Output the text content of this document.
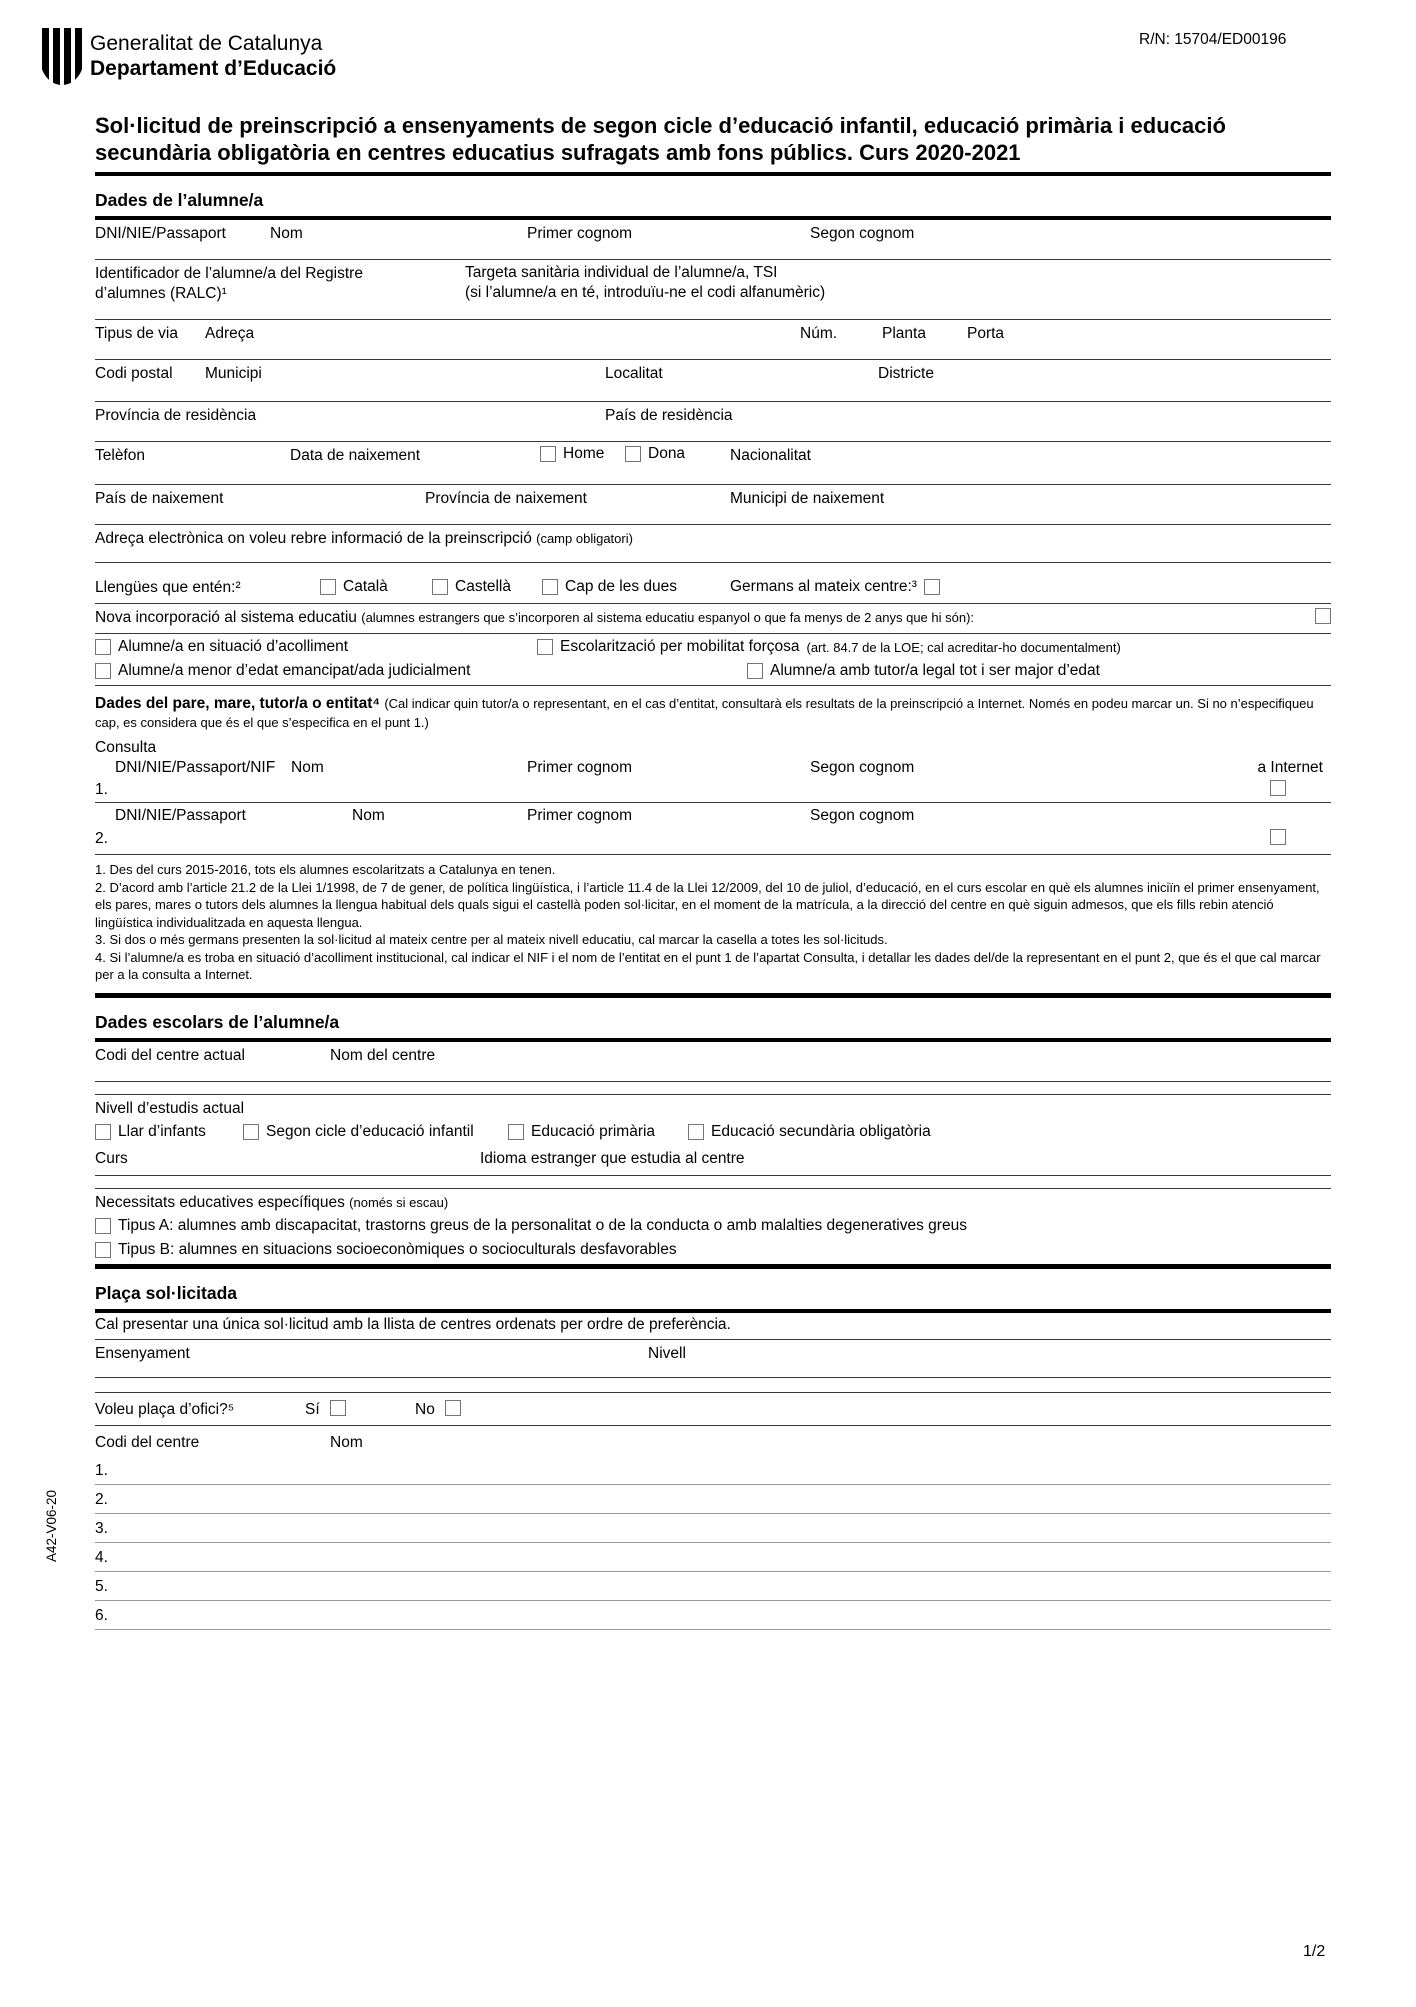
Generalitat de Catalunya
Departament d’Educació
R/N: 15704/ED00196
Sol·licitud de preinscripció a ensenyaments de segon cicle d’educació infantil, educació primària i educació secundària obligatòria en centres educatius sufragats amb fons públics. Curs 2020-2021
Dades de l’alumne/a
DNI/NIE/Passaport	Nom	Primer cognom	Segon cognom
Identificador de l’alumne/a del Registre d’alumnes (RALC)¹
Targeta sanitària individual de l’alumne/a, TSI
(si l’alumne/a en té, introduïu-ne el codi alfanumèric)
Tipus de via Adreça	Núm.	Planta	Porta
Codi postal Municipi	Localitat	Districte
Província de residència	País de residència
Telèfon	Data de naixement	Home	Dona	Nacionalitat
País de naixement	Província de naixement	Municipi de naixement
Adreça electrònica on voleu rebre informació de la preinscripció (camp obligatori)
Llengües que entén:²	Català	Castellà	Cap de les dues	Germans al mateix centre:³
Nova incorporació al sistema educatiu (alumnes estrangers que s’incorporen al sistema educatiu espanyol o que fa menys de 2 anys que hi són):
Alumne/a en situació d’acolliment	Escolarització per mobilitat forçosa (art. 84.7 de la LOE; cal acreditar-ho documentalment)
Alumne/a menor d’edat emancipat/ada judicialment	Alumne/a amb tutor/a legal tot i ser major d’edat
Dades del pare, mare, tutor/a o entitat⁴ (Cal indicar quin tutor/a o representant, en el cas d’entitat, consultarà els resultats de la preinscripció a Internet. Només en podeu marcar un. Si no n’especifiqueu cap, es considera que és el que s’especifica en el punt 1.)
Consulta
DNI/NIE/Passaport/NIF Nom	Primer cognom	Segon cognom	a Internet
1.
DNI/NIE/Passaport	Nom	Primer cognom	Segon cognom
2.
1. Des del curs 2015-2016, tots els alumnes escolaritzats a Catalunya en tenen.
2. D’acord amb l’article 21.2 de la Llei 1/1998, de 7 de gener, de política lingüística, i l’article 11.4 de la Llei 12/2009, del 10 de juliol, d’educació, en el curs escolar en què els alumnes iniciïn el primer ensenyament, els pares, mares o tutors dels alumnes la llengua habitual dels quals sigui el castellà poden sol·licitar, en el moment de la matrícula, a la direcció del centre en què siguin admesos, que els fills rebin atenció lingüística individualitzada en aquesta llengua.
3. Si dos o més germans presenten la sol·licitud al mateix centre per al mateix nivell educatiu, cal marcar la casella a totes les sol·licituds.
4. Si l’alumne/a es troba en situació d’acolliment institucional, cal indicar el NIF i el nom de l’entitat en el punt 1 de l’apartat Consulta, i detallar les dades del/de la representant en el punt 2, que és el que cal marcar per a la consulta a Internet.
Dades escolars de l’alumne/a
Codi del centre actual	Nom del centre
Nivell d’estudis actual
Llar d’infants	Segon cicle d’educació infantil	Educació primària	Educació secundària obligatòria
Curs	Idioma estranger que estudia al centre
Necessitats educatives específiques (només si escau)
Tipus A: alumnes amb discapacitat, trastorns greus de la personalitat o de la conducta o amb malalties degeneratives greus
Tipus B: alumnes en situacions socioeconòmiques o socioculturals desfavorables
Plaça sol·licitada
Cal presentar una única sol·licitud amb la llista de centres ordenats per ordre de preferència.
Ensenyament	Nivell
Voleu plaça d’ofici?⁵	Sí	No
Codi del centre	Nom
1.
2.
3.
4.
5.
6.
A42-V06-20
1/2
